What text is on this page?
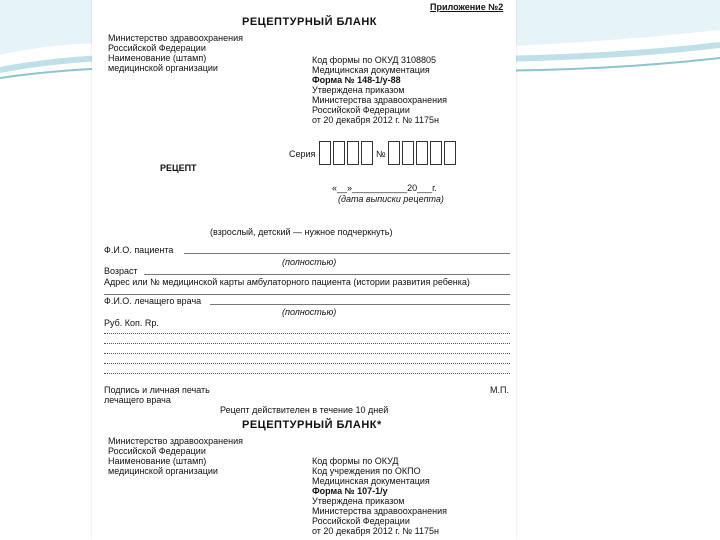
Приложение №2
РЕЦЕПТУРНЫЙ БЛАНК
Министерство здравоохранения
Российской Федерации
Наименование (штамп)
медицинской организации
Код формы по ОКУД 3108805
Медицинская документация
Форма № 148-1/у-88
Утверждена приказом
Министерства здравоохранения
Российской Федерации
от 20 декабря 2012 г. № 1175н
Серия	№
РЕЦЕПТ
«__»___________20___г.
(дата выписки рецепта)
(взрослый, детский — нужное подчеркнуть)
Ф.И.О. пациента
(полностью)
Возраст
Адрес или № медицинской карты амбулаторного пациента (истории развития ребенка)
Ф.И.О. лечащего врача
(полностью)
Руб. Коп. Rp.
Подпись и личная печать
лечащего врача
М.П.
Рецепт действителен в течение 10 дней
РЕЦЕПТУРНЫЙ БЛАНК*
Министерство здравоохранения
Российской Федерации
Наименование (штамп)
медицинской организации
Код формы по ОКУД
Код учреждения по ОКПО
Медицинская документация
Форма № 107-1/у
Утверждена приказом
Министерства здравоохранения
Российской Федерации
от 20 декабря 2012 г. № 1175н
